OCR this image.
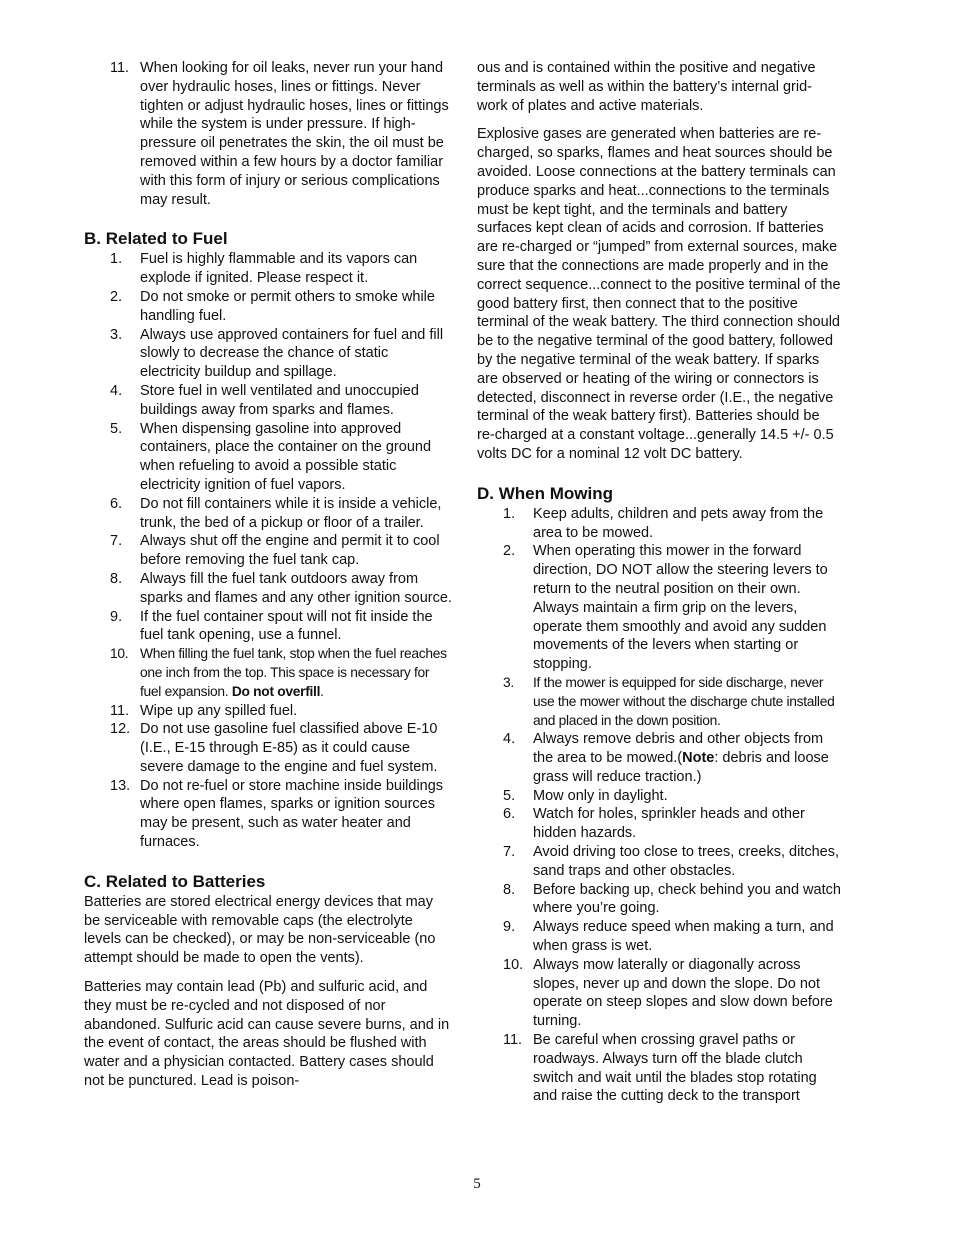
11. When looking for oil leaks, never run your hand over hydraulic hoses, lines or fittings. Never tighten or adjust hydraulic hoses, lines or fittings while the system is under pressure. If high-pressure oil penetrates the skin, the oil must be removed within a few hours by a doctor familiar with this form of injury or serious complications may result.
B. Related to Fuel
1. Fuel is highly flammable and its vapors can explode if ignited. Please respect it.
2. Do not smoke or permit others to smoke while handling fuel.
3. Always use approved containers for fuel and fill slowly to decrease the chance of static electricity buildup and spillage.
4. Store fuel in well ventilated and unoccupied buildings away from sparks and flames.
5. When dispensing gasoline into approved containers, place the container on the ground when refueling to avoid a possible static electricity ignition of fuel vapors.
6. Do not fill containers while it is inside a vehicle, trunk, the bed of a pickup or floor of a trailer.
7. Always shut off the engine and permit it to cool before removing the fuel tank cap.
8. Always fill the fuel tank outdoors away from sparks and flames and any other ignition source.
9. If the fuel container spout will not fit inside the fuel tank opening, use a funnel.
10. When filling the fuel tank, stop when the fuel reaches one inch from the top. This space is necessary for fuel expansion. Do not overfill.
11. Wipe up any spilled fuel.
12. Do not use gasoline fuel classified above E-10 (I.E., E-15 through E-85) as it could cause severe damage to the engine and fuel system.
13. Do not re-fuel or store machine inside buildings where open flames, sparks or ignition sources may be present, such as water heater and furnaces.
C. Related to Batteries

Batteries are stored electrical energy devices that may be serviceable with removable caps (the electrolyte levels can be checked), or may be non-serviceable (no attempt should be made to open the vents).

Batteries may contain lead (Pb) and sulfuric acid, and they must be re-cycled and not disposed of nor abandoned. Sulfuric acid can cause severe burns, and in the event of contact, the areas should be flushed with water and a physician contacted. Battery cases should not be punctured. Lead is poison-

ous and is contained within the positive and negative terminals as well as within the battery’s internal grid-work of plates and active materials.

Explosive gases are generated when batteries are re-charged, so sparks, flames and heat sources should be avoided. Loose connections at the battery terminals can produce sparks and heat...connections to the terminals must be kept tight, and the terminals and battery surfaces kept clean of acids and corrosion. If batteries are re-charged or “jumped” from external sources, make sure that the connections are made properly and in the correct sequence...connect to the positive terminal of the good battery first, then connect that to the positive terminal of the weak battery. The third connection should be to the negative terminal of the good battery, followed by the negative terminal of the weak battery. If sparks are observed or heating of the wiring or connectors is detected, disconnect in reverse order (I.E., the negative terminal of the weak battery first). Batteries should be re-charged at a constant voltage...generally 14.5 +/- 0.5 volts DC for a nominal 12 volt DC battery.

D. When Mowing
1. Keep adults, children and pets away from the area to be mowed.
2. When operating this mower in the forward direction, DO NOT allow the steering levers to return to the neutral position on their own. Always maintain a firm grip on the levers, operate them smoothly and avoid any sudden movements of the levers when starting or stopping.
3. If the mower is equipped for side discharge, never use the mower without the discharge chute installed and placed in the down position.
4. Always remove debris and other objects from the area to be mowed.(Note: debris and loose grass will reduce traction.)
5. Mow only in daylight.
6. Watch for holes, sprinkler heads and other hidden hazards.
7. Avoid driving too close to trees, creeks, ditches, sand traps and other obstacles.
8. Before backing up, check behind you and watch where you’re going.
9. Always reduce speed when making a turn, and when grass is wet.
10. Always mow laterally or diagonally across slopes, never up and down the slope. Do not operate on steep slopes and slow down before turning.
11. Be careful when crossing gravel paths or roadways. Always turn off the blade clutch switch and wait until the blades stop rotating and raise the cutting deck to the transport
5
